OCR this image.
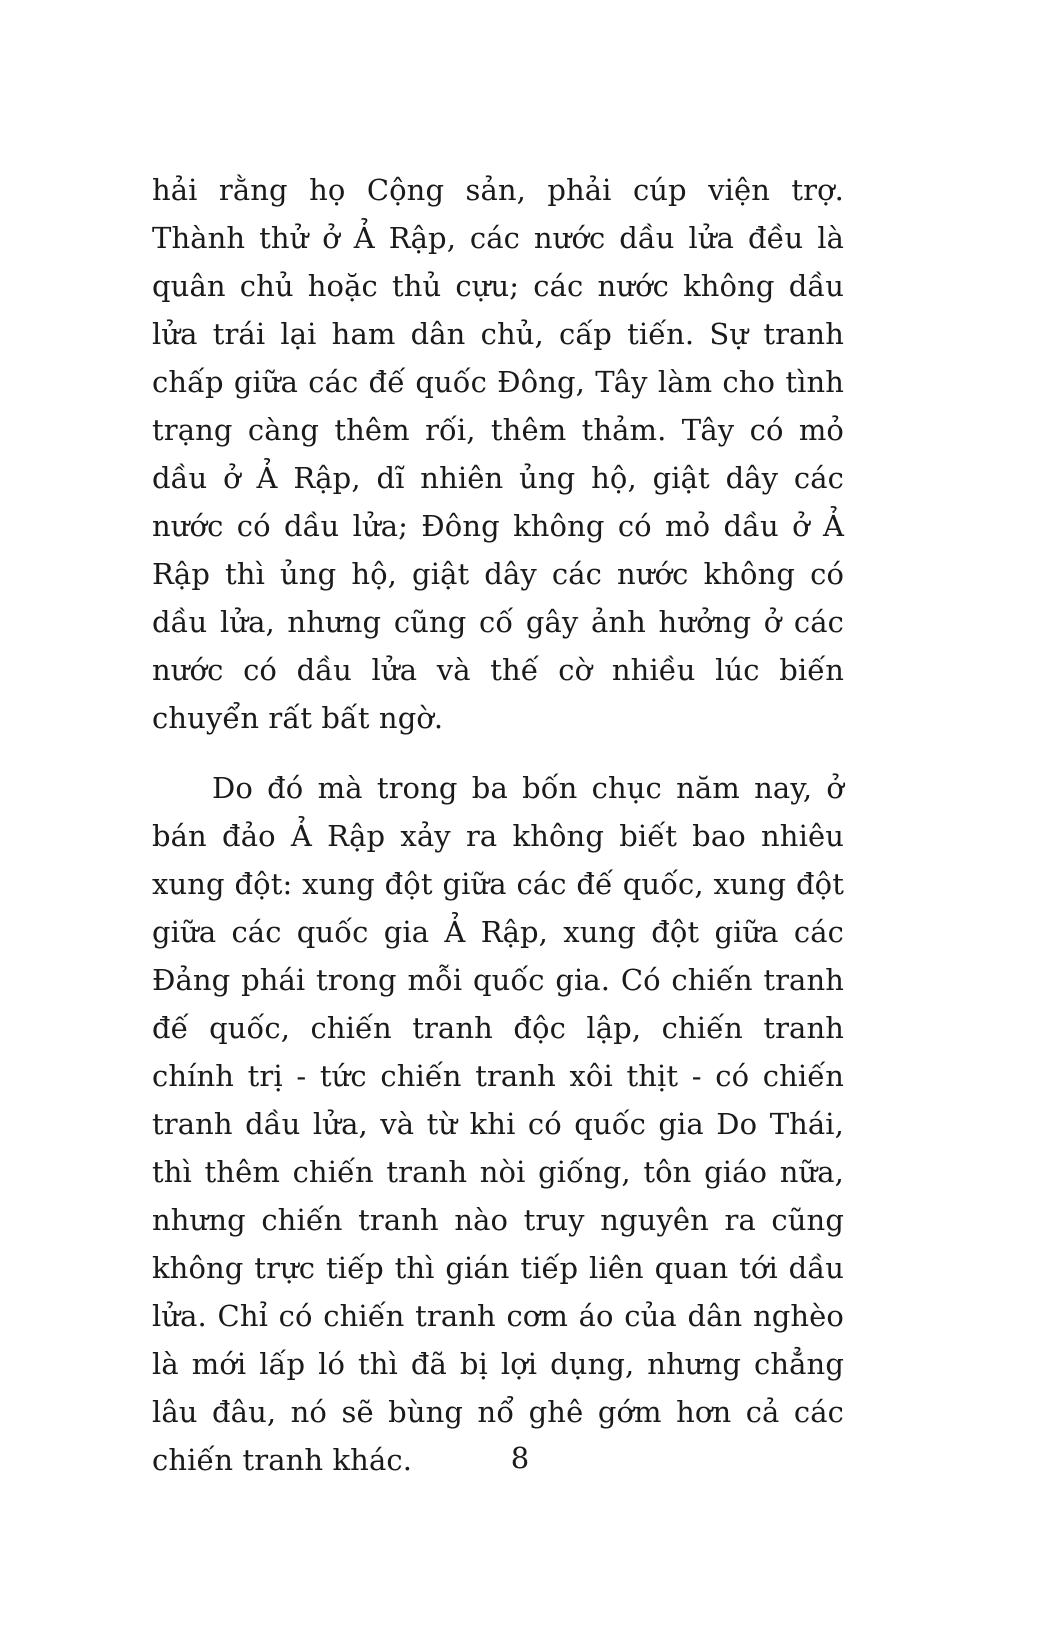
hải rằng họ Cộng sản, phải cúp viện trợ. Thành thử ở Ả Rập, các nước dầu lửa đều là quân chủ hoặc thủ cựu; các nước không dầu lửa trái lại ham dân chủ, cấp tiến. Sự tranh chấp giữa các đế quốc Đông, Tây làm cho tình trạng càng thêm rối, thêm thảm. Tây có mỏ dầu ở Ả Rập, dĩ nhiên ủng hộ, giật dây các nước có dầu lửa; Đông không có mỏ dầu ở Ả Rập thì ủng hộ, giật dây các nước không có dầu lửa, nhưng cũng cố gây ảnh hưởng ở các nước có dầu lửa và thế cờ nhiều lúc biến chuyển rất bất ngờ.

Do đó mà trong ba bốn chục năm nay, ở bán đảo Ả Rập xảy ra không biết bao nhiêu xung đột: xung đột giữa các đế quốc, xung đột giữa các quốc gia Ả Rập, xung đột giữa các Đảng phái trong mỗi quốc gia. Có chiến tranh đế quốc, chiến tranh độc lập, chiến tranh chính trị - tức chiến tranh xôi thịt - có chiến tranh dầu lửa, và từ khi có quốc gia Do Thái, thì thêm chiến tranh nòi giống, tôn giáo nữa, nhưng chiến tranh nào truy nguyên ra cũng không trực tiếp thì gián tiếp liên quan tới dầu lửa. Chỉ có chiến tranh cơm áo của dân nghèo là mới lấp ló thì đã bị lợi dụng, nhưng chẳng lâu đâu, nó sẽ bùng nổ ghê gớm hơn cả các chiến tranh khác.	8
